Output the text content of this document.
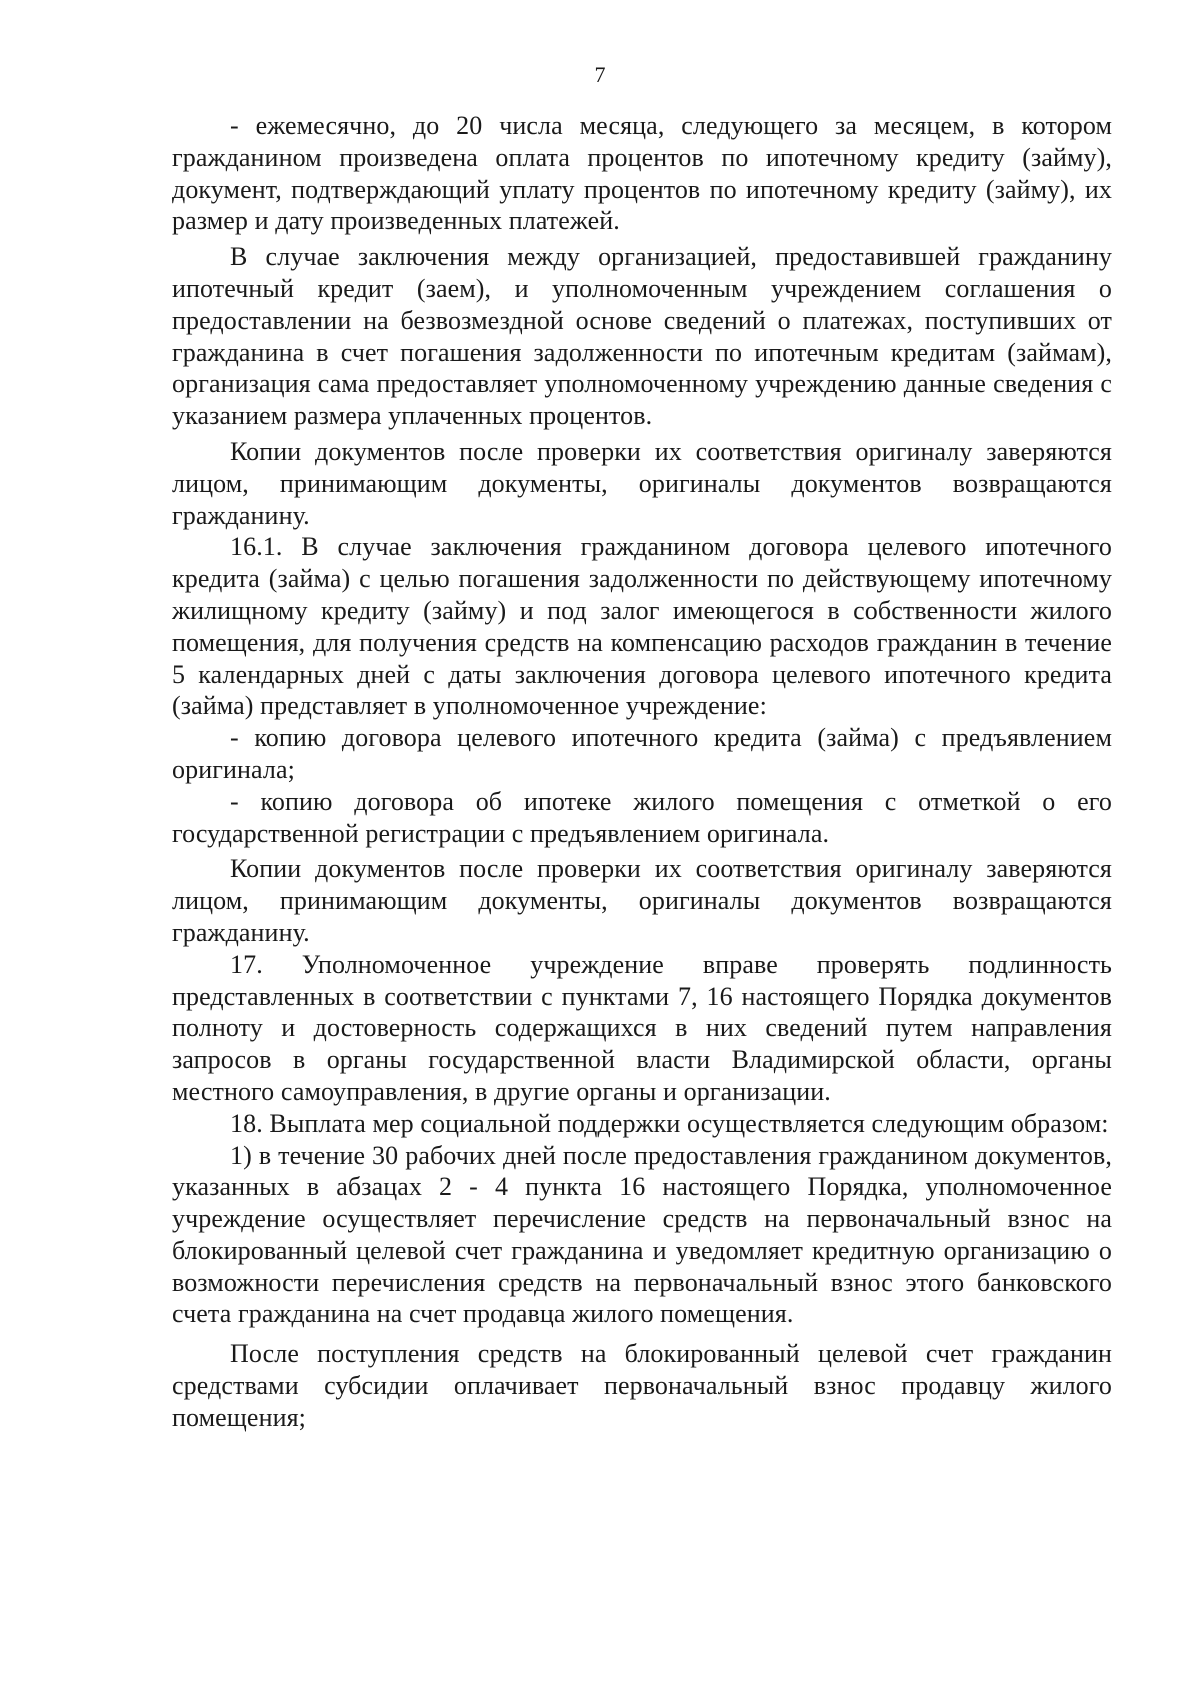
7

- ежемесячно, до 20 числа месяца, следующего за месяцем, в котором гражданином произведена оплата процентов по ипотечному кредиту (займу), документ, подтверждающий уплату процентов по ипотечному кредиту (займу), их размер и дату произведенных платежей.

В случае заключения между организацией, предоставившей гражданину ипотечный кредит (заем), и уполномоченным учреждением соглашения о предоставлении на безвозмездной основе сведений о платежах, поступивших от гражданина в счет погашения задолженности по ипотечным кредитам (займам), организация сама предоставляет уполномоченному учреждению данные сведения с указанием размера уплаченных процентов.

Копии документов после проверки их соответствия оригиналу заверяются лицом, принимающим документы, оригиналы документов возвращаются гражданину.

16.1. В случае заключения гражданином договора целевого ипотечного кредита (займа) с целью погашения задолженности по действующему ипотечному жилищному кредиту (займу) и под залог имеющегося в собственности жилого помещения, для получения средств на компенсацию расходов гражданин в течение 5 календарных дней с даты заключения договора целевого ипотечного кредита (займа) представляет в уполномоченное учреждение:

- копию договора целевого ипотечного кредита (займа) с предъявлением оригинала;

- копию договора об ипотеке жилого помещения с отметкой о его государственной регистрации с предъявлением оригинала.

Копии документов после проверки их соответствия оригиналу заверяются лицом, принимающим документы, оригиналы документов возвращаются гражданину.

17. Уполномоченное учреждение вправе проверять подлинность представленных в соответствии с пунктами 7, 16 настоящего Порядка документов полноту и достоверность содержащихся в них сведений путем направления запросов в органы государственной власти Владимирской области, органы местного самоуправления, в другие органы и организации.

18. Выплата мер социальной поддержки осуществляется следующим образом:

1) в течение 30 рабочих дней после предоставления гражданином документов, указанных в абзацах 2 - 4 пункта 16 настоящего Порядка, уполномоченное учреждение осуществляет перечисление средств на первоначальный взнос на блокированный целевой счет гражданина и уведомляет кредитную организацию о возможности перечисления средств на первоначальный взнос этого банковского счета гражданина на счет продавца жилого помещения.

После поступления средств на блокированный целевой счет гражданин средствами субсидии оплачивает первоначальный взнос продавцу жилого помещения;
